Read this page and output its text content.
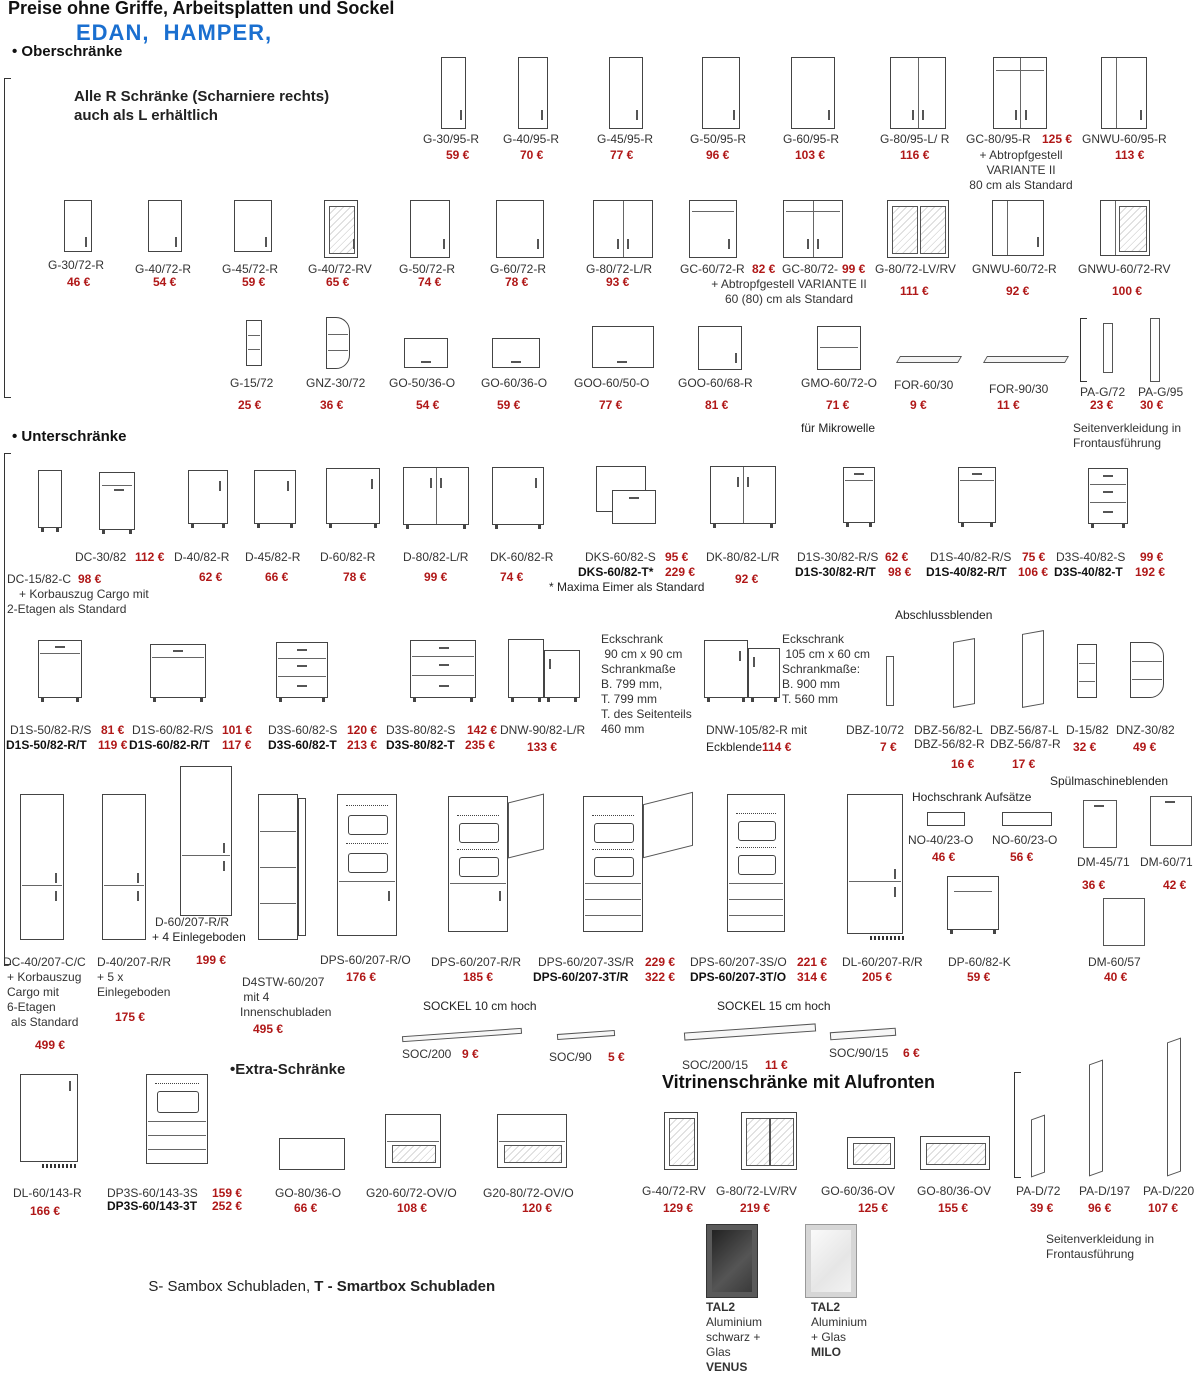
Preise ohne Griffe, Arbeitsplatten und Sockel
EDAN,  HAMPER,
• Oberschränke
Alle R Schränke (Scharniere rechts)
auch als L erhältlich
G-30/95-R
59 €
G-40/95-R
70 €
G-45/95-R
77 €
G-50/95-R
96 €
G-60/95-R
103 €
G-80/95-L/ R
116 €
GC-80/95-R 125 €
+ Abtropfgestell
VARIANTE II
80 cm als Standard
GNWU-60/95-R
113 €
G-30/72-R
46 €
G-40/72-R
54 €
G-45/72-R
59 €
G-40/72-RV
65 €
G-50/72-R
74 €
G-60/72-R
78 €
G-80/72-L/R
93 €
GC-60/72-R 82 € GC-80/72- 99 €
+ Abtropfgestell VARIANTE II
60 (80) cm als Standard
G-80/72-LV/RV
111 €
GNWU-60/72-R
92 €
GNWU-60/72-RV
100 €
G-15/72
25 €
GNZ-30/72
36 €
GO-50/36-O
54 €
GO-60/36-O
59 €
GOO-60/50-O
77 €
GOO-60/68-R
81 €
GMO-60/72-O
71 €
für Mikrowelle
FOR-60/30
9 €
FOR-90/30
11 €
PA-G/72
23 €
PA-G/95
30 €
Seitenverkleidung in
Frontausführung
• Unterschränke
DC-15/82-C 98 €
+ Korbauszug Cargo mit
2-Etagen als Standard
DC-30/82 112 € D-40/82-R
62 €
D-45/82-R
66 €
D-60/82-R
78 €
D-80/82-L/R
99 €
DK-60/82-R
74 €
DKS-60/82-S 95 €
DKS-60/82-T* 229 €
* Maxima Eimer als Standard
DK-80/82-L/R
92 €
D1S-30/82-R/S 62 €
D1S-30/82-R/T 98 €
D1S-40/82-R/S 75 €
D1S-40/82-R/T 106 €
D3S-40/82-S 99 €
D3S-40/82-T 192 €
D1S-50/82-R/S 81 €
D1S-50/82-R/T 119 €
D1S-60/82-R/S 101 €
D1S-60/82-R/T 117 €
D3S-60/82-S 120 €
D3S-60/82-T 213 €
D3S-80/82-S 142 €
D3S-80/82-T 235 €
DNW-90/82-L/R
133 €
Eckschrank
90 cm x 90 cm
Schrankmaße
B. 799 mm,
T. 799 mm
T. des Seitenteils
460 mm	DNW-105/82-R mit
Eckblende 114 €
Eckschrank
105 cm x 60 cm
Schrankmaße:
B. 900 mm
T. 560 mm
Abschlussblenden
DBZ-10/72
7 €
DBZ-56/82-L
DBZ-56/82-R
16 €
DBZ-56/87-L
DBZ-56/87-R
17 €
D-15/82
32 €
DNZ-30/82
49 €
Hochschrank Aufsätze
NO-40/23-O
46 €
NO-60/23-O
56 €
Spülmaschineblenden
DM-45/71
36 €
DM-60/71
42 €
DM-60/57
40 €
DP-60/82-K
59 €
DC-40/207-C/C
+ Korbauszug
Cargo mit
6-Etagen
als Standard
499 €
D-40/207-R/R
+ 5 x
Einlegeboden
175 €
D-60/207-R/R
+ 4 Einlegeboden
199 €
D4STW-60/207
mit 4
Innenschubladen
495 €
DPS-60/207-R/O
176 €
DPS-60/207-R/R
185 €
DPS-60/207-3S/R 229 €
DPS-60/207-3T/R 322 €
DPS-60/207-3S/O 221 €
DPS-60/207-3T/O 314 €
DL-60/207-R/R
205 €
SOCKEL 10 cm hoch
SOC/200 9 €	SOC/90 5 €
SOCKEL 15 cm hoch
SOC/200/15 11 €
SOC/90/15 6 €
•Extra-Schränke
DL-60/143-R
166 €
DP3S-60/143-3S 159 €
DP3S-60/143-3T 252 €
GO-80/36-O
66 €
G20-60/72-OV/O
108 €
G20-80/72-OV/O
120 €
Vitrinenschränke mit Alufronten
G-40/72-RV
129 €
G-80/72-LV/RV
219 €
GO-60/36-OV
125 €
GO-80/36-OV
155 €
PA-D/72
39 €
PA-D/197
96 €
PA-D/220
107 €
Seitenverkleidung in
Frontausführung

S- Sambox Schubladen, T - Smartbox Schubladen

TAL2
Aluminium
schwarz +
Glas
VENUS
TAL2
Aluminium
+ Glas
MILO
